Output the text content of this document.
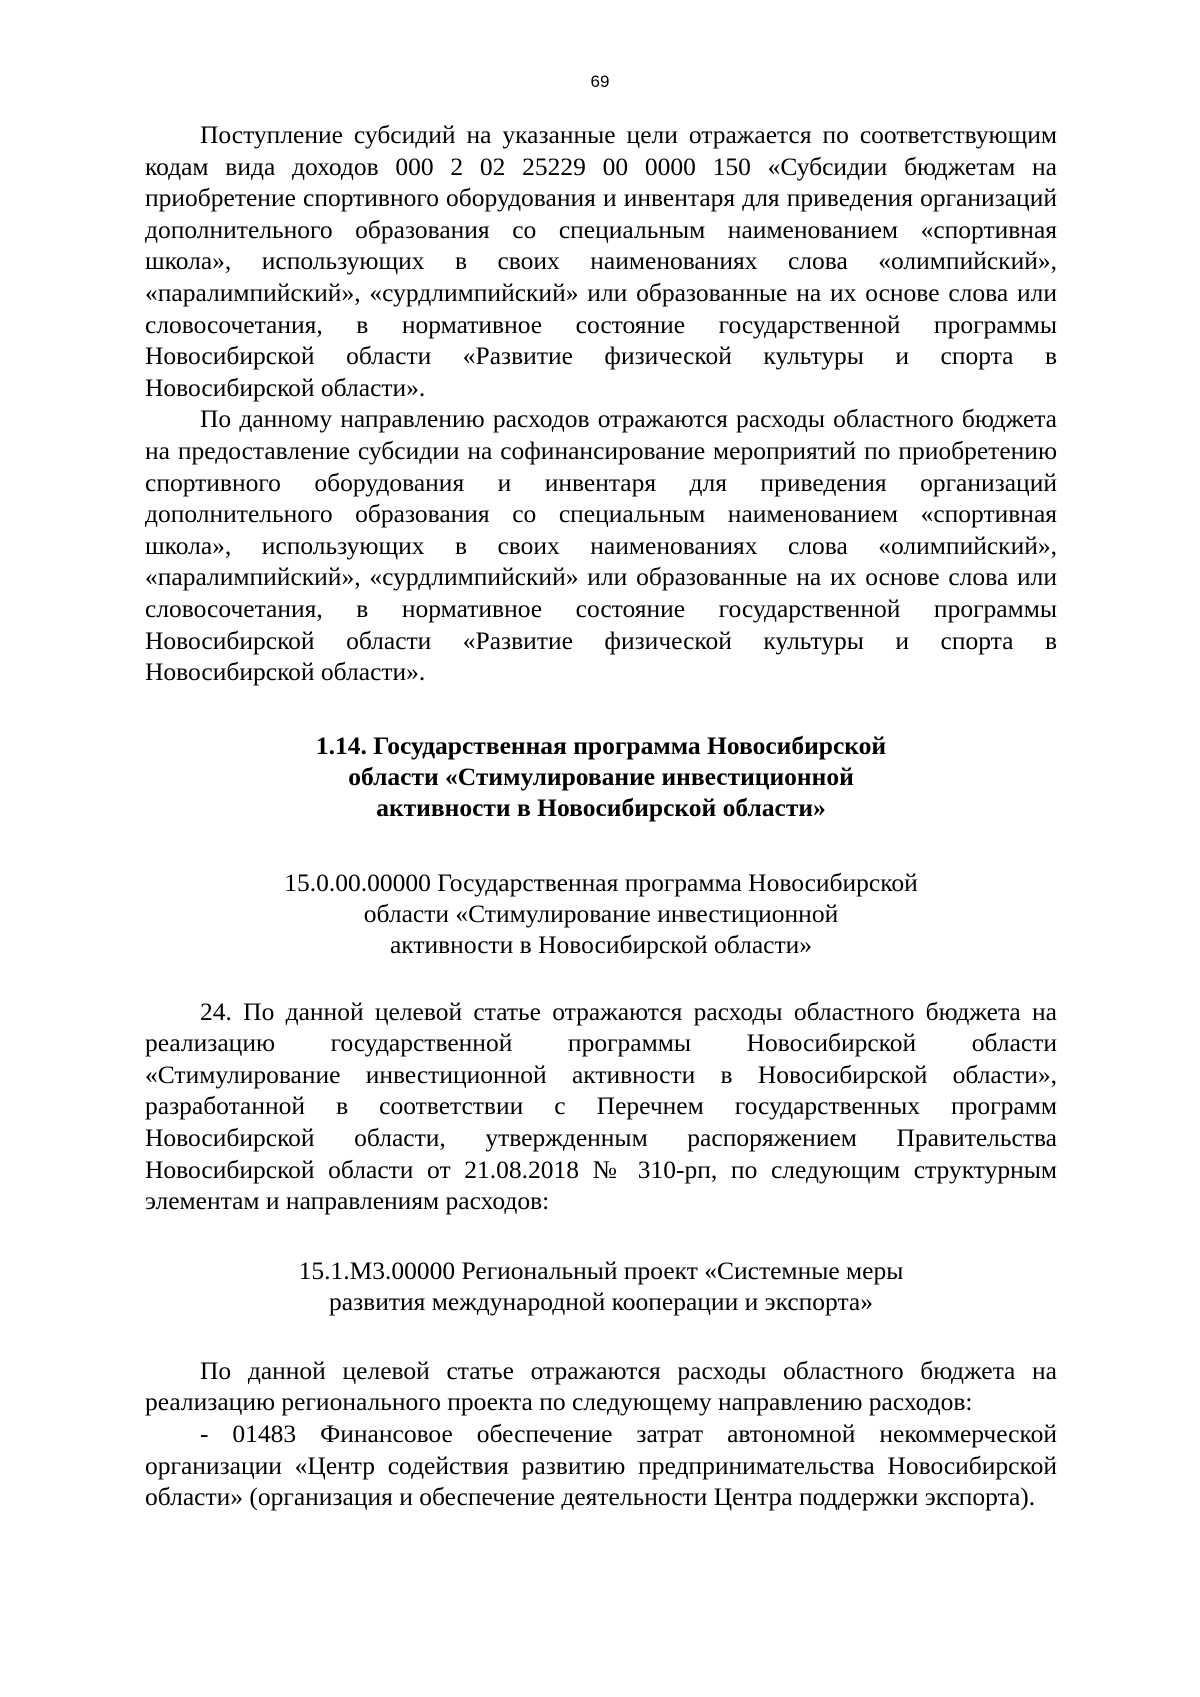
69

Поступление субсидий на указанные цели отражается по соответствующим кодам вида доходов 000 2 02 25229 00 0000 150 «Субсидии бюджетам на приобретение спортивного оборудования и инвентаря для приведения организаций дополнительного образования со специальным наименованием «спортивная школа», использующих в своих наименованиях слова «олимпийский», «паралимпийский», «сурдлимпийский» или образованные на их основе слова или словосочетания, в нормативное состояние государственной программы Новосибирской области «Развитие физической культуры и спорта в Новосибирской области».

По данному направлению расходов отражаются расходы областного бюджета на предоставление субсидии на софинансирование мероприятий по приобретению спортивного оборудования и инвентаря для приведения организаций дополнительного образования со специальным наименованием «спортивная школа», использующих в своих наименованиях слова «олимпийский», «паралимпийский», «сурдлимпийский» или образованные на их основе слова или словосочетания, в нормативное состояние государственной программы Новосибирской области «Развитие физической культуры и спорта в Новосибирской области».

1.14. Государственная программа Новосибирской
области «Стимулирование инвестиционной
активности в Новосибирской области»
15.0.00.00000 Государственная программа Новосибирской
области «Стимулирование инвестиционной
активности в Новосибирской области»

24. По данной целевой статье отражаются расходы областного бюджета на реализацию государственной программы Новосибирской области «Стимулирование инвестиционной активности в Новосибирской области», разработанной в соответствии с Перечнем государственных программ Новосибирской области, утвержденным распоряжением Правительства Новосибирской области от 21.08.2018 № 310-рп, по следующим структурным элементам и направлениям расходов:

15.1.М3.00000 Региональный проект «Системные меры
развития международной кооперации и экспорта»

По данной целевой статье отражаются расходы областного бюджета на реализацию регионального проекта по следующему направлению расходов:

- 01483 Финансовое обеспечение затрат автономной некоммерческой организации «Центр содействия развитию предпринимательства Новосибирской области» (организация и обеспечение деятельности Центра поддержки экспорта).
